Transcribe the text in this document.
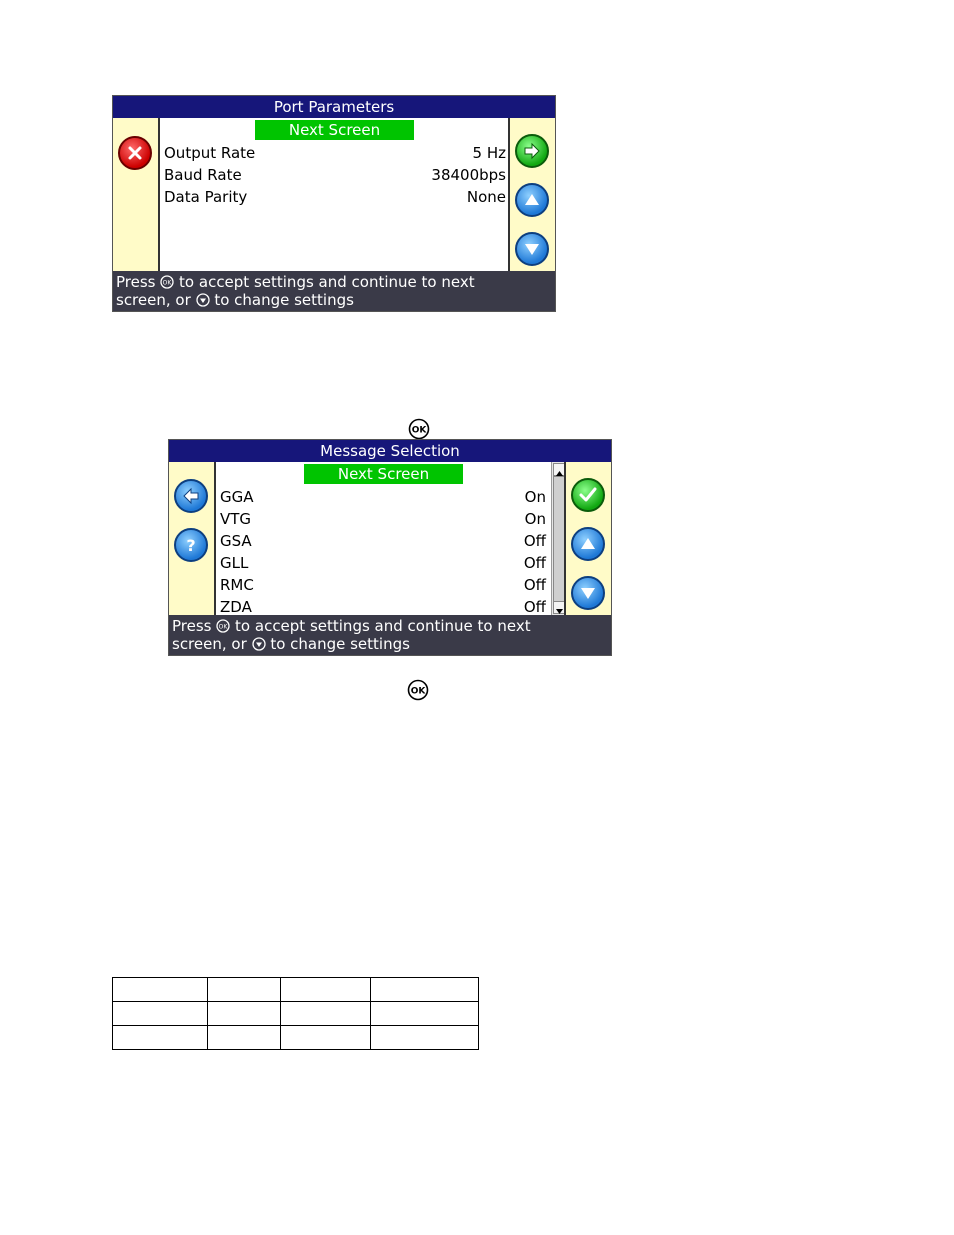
Port Parameters
Next Screen
Output Rate	5 Hz
Baud Rate	38400bps
Data Parity	None
Press OK to accept settings and continue to next
screen, or to change settings
OK
Message Selection
?
Next Screen
GGA	On
VTG	On
GSA	Off
GLL	Off
RMC	Off
ZDA	Off
Press OK to accept settings and continue to next
screen, or to change settings
OK
